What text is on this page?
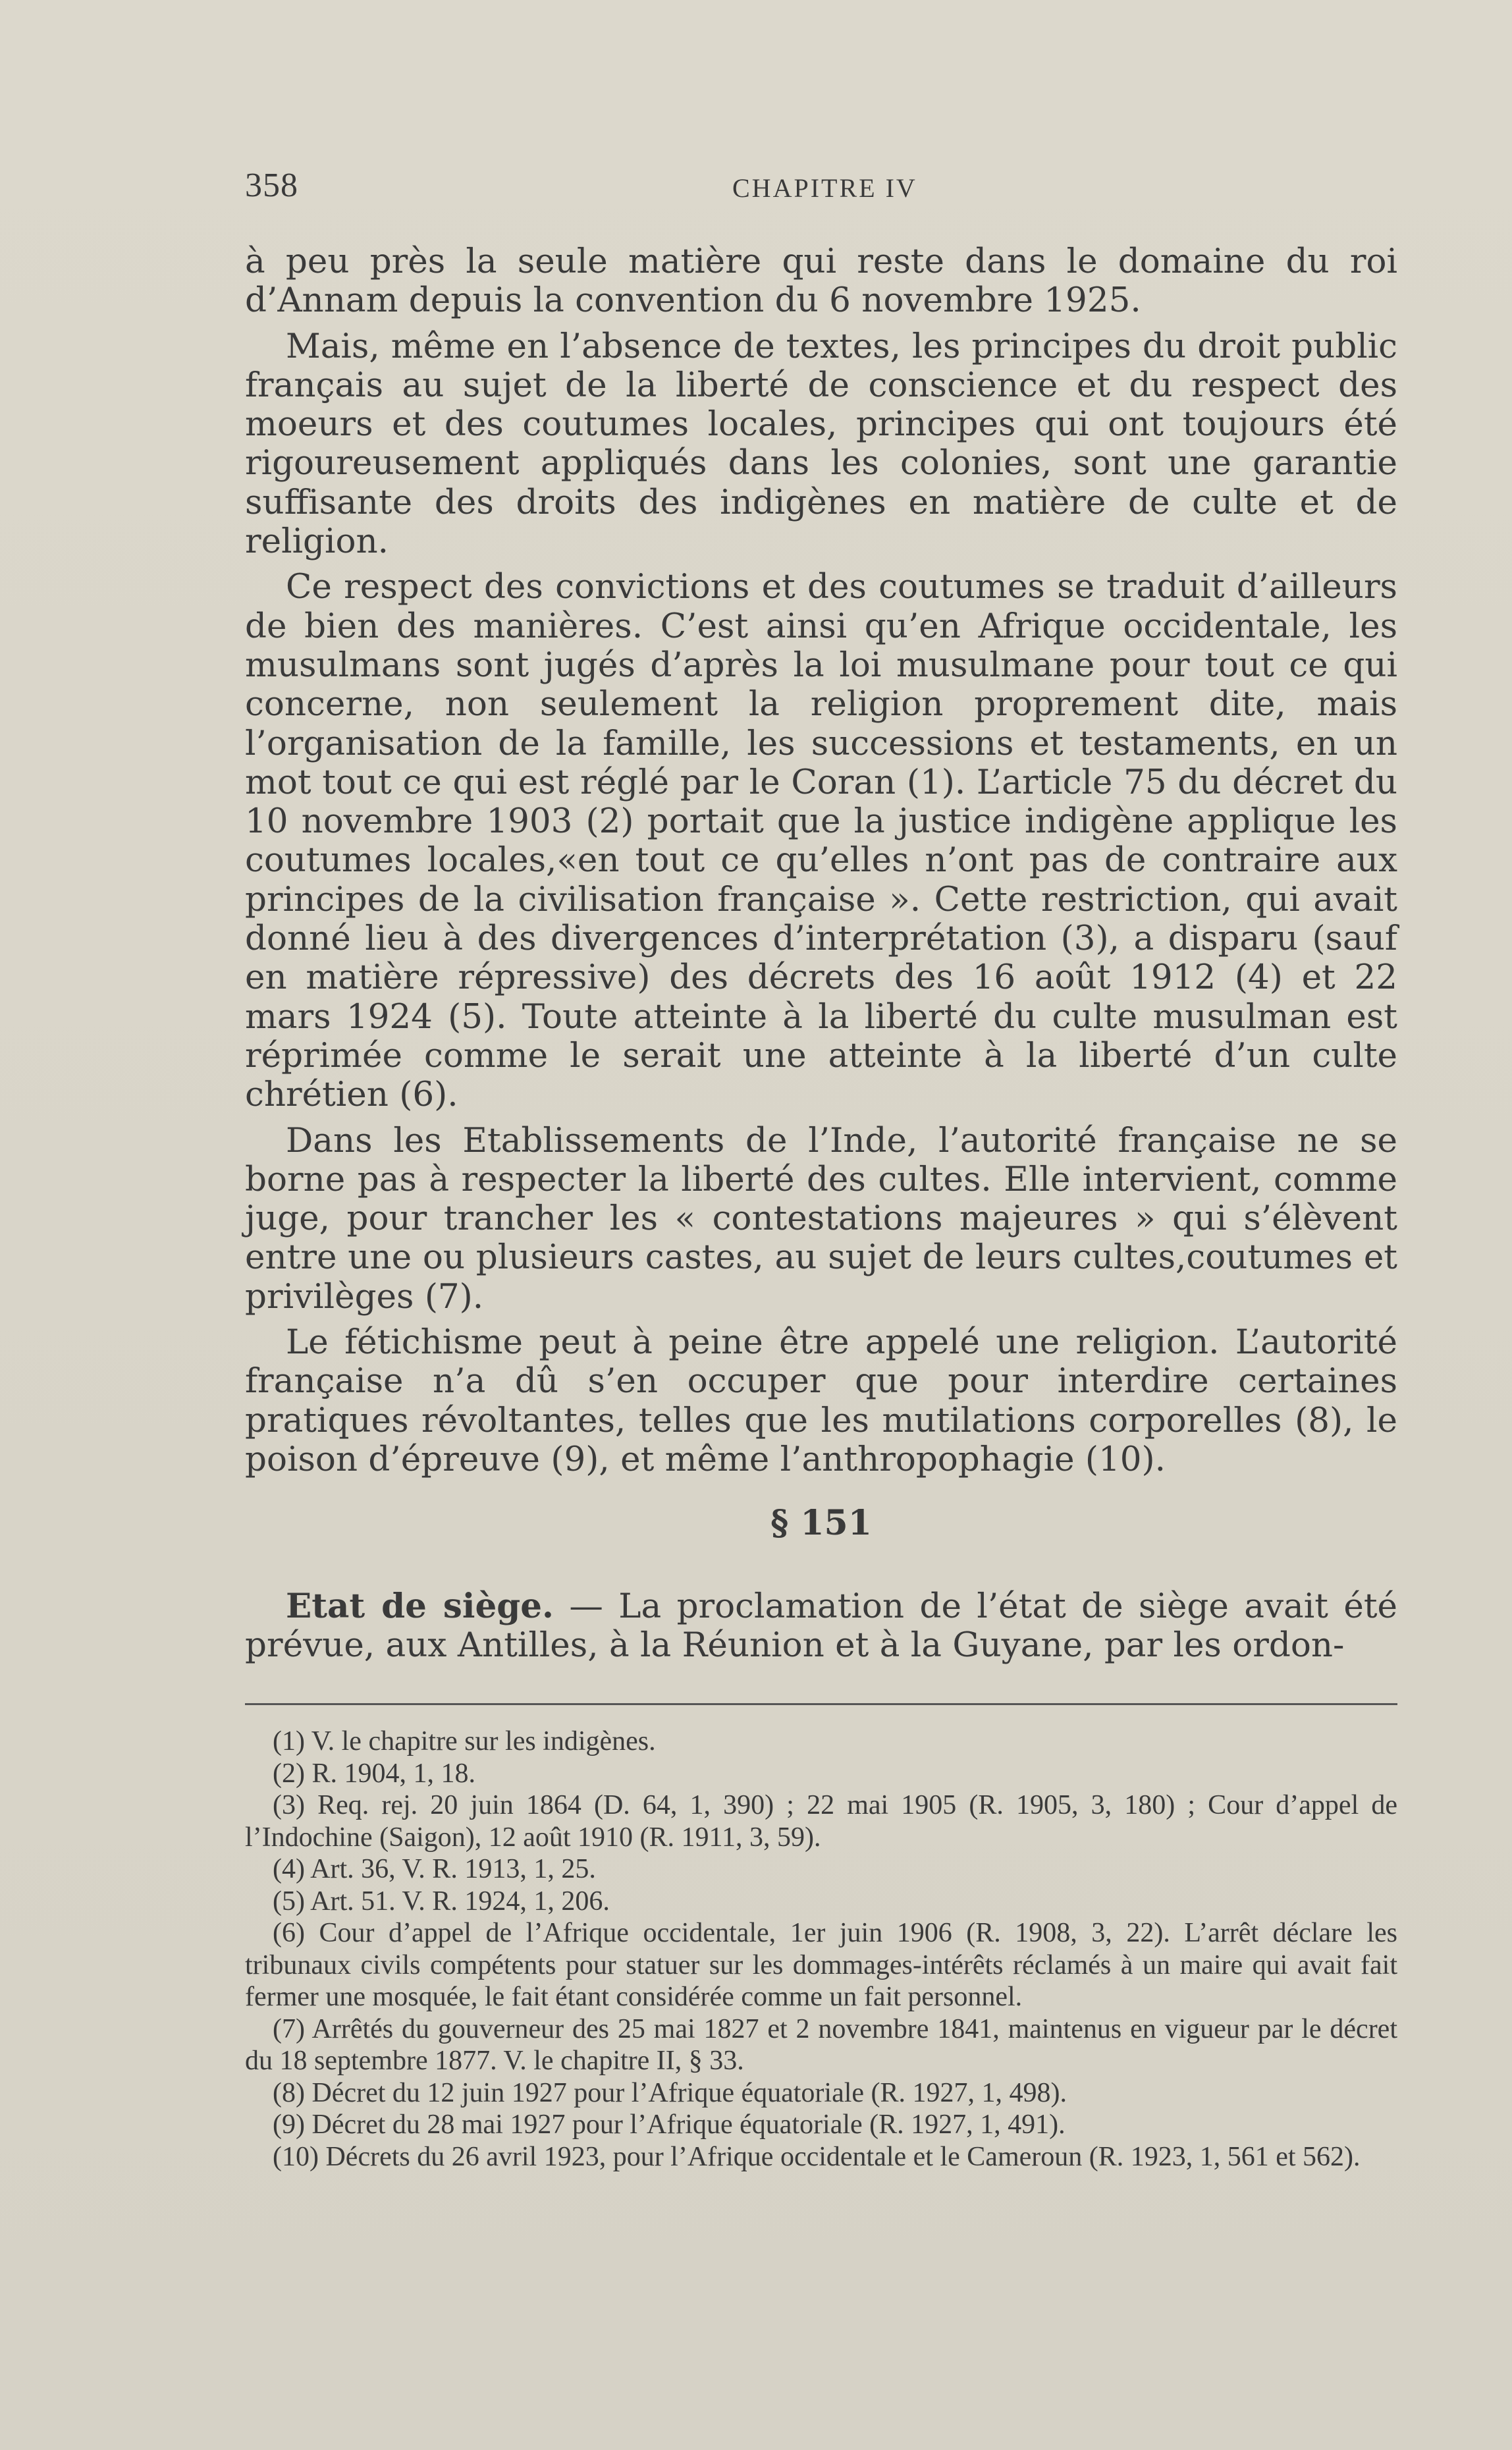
358	CHAPITRE IV

à peu près la seule matière qui reste dans le domaine du roi d’Annam depuis la convention du 6 novembre 1925.

Mais, même en l’absence de textes, les principes du droit public français au sujet de la liberté de conscience et du respect des moeurs et des coutumes locales, principes qui ont toujours été rigoureusement appliqués dans les colonies, sont une garantie suffisante des droits des indigènes en matière de culte et de religion.

Ce respect des convictions et des coutumes se traduit d’ailleurs de bien des manières. C’est ainsi qu’en Afrique occidentale, les musulmans sont jugés d’après la loi musulmane pour tout ce qui concerne, non seulement la religion proprement dite, mais l’organisation de la famille, les successions et testaments, en un mot tout ce qui est réglé par le Coran (1). L’article 75 du décret du 10 novembre 1903 (2) portait que la justice indigène applique les coutumes locales,«en tout ce qu’elles n’ont pas de contraire aux principes de la civilisation française ». Cette restriction, qui avait donné lieu à des divergences d’interprétation (3), a disparu (sauf en matière répressive) des décrets des 16 août 1912 (4) et 22 mars 1924 (5). Toute atteinte à la liberté du culte musulman est réprimée comme le serait une atteinte à la liberté d’un culte chrétien (6).

Dans les Etablissements de l’Inde, l’autorité française ne se borne pas à respecter la liberté des cultes. Elle intervient, comme juge, pour trancher les « contestations majeures » qui s’élèvent entre une ou plusieurs castes, au sujet de leurs cultes,coutumes et privilèges (7).

Le fétichisme peut à peine être appelé une religion. L’autorité française n’a dû s’en occuper que pour interdire certaines pratiques révoltantes, telles que les mutilations corporelles (8), le poison d’épreuve (9), et même l’anthropophagie (10).

§ 151

Etat de siège. — La proclamation de l’état de siège avait été prévue, aux Antilles, à la Réunion et à la Guyane, par les ordon-

(1) V. le chapitre sur les indigènes.

(2) R. 1904, 1, 18.

(3) Req. rej. 20 juin 1864 (D. 64, 1, 390) ; 22 mai 1905 (R. 1905, 3, 180) ; Cour d’appel de l’Indochine (Saigon), 12 août 1910 (R. 1911, 3, 59).

(4) Art. 36, V. R. 1913, 1, 25.

(5) Art. 51. V. R. 1924, 1, 206.

(6) Cour d’appel de l’Afrique occidentale, 1er juin 1906 (R. 1908, 3, 22). L’arrêt déclare les tribunaux civils compétents pour statuer sur les dommages-intérêts réclamés à un maire qui avait fait fermer une mosquée, le fait étant considérée comme un fait personnel.

(7) Arrêtés du gouverneur des 25 mai 1827 et 2 novembre 1841, maintenus en vigueur par le décret du 18 septembre 1877. V. le chapitre II, § 33.

(8) Décret du 12 juin 1927 pour l’Afrique équatoriale (R. 1927, 1, 498).

(9) Décret du 28 mai 1927 pour l’Afrique équatoriale (R. 1927, 1, 491).

(10) Décrets du 26 avril 1923, pour l’Afrique occidentale et le Cameroun (R. 1923, 1, 561 et 562).
